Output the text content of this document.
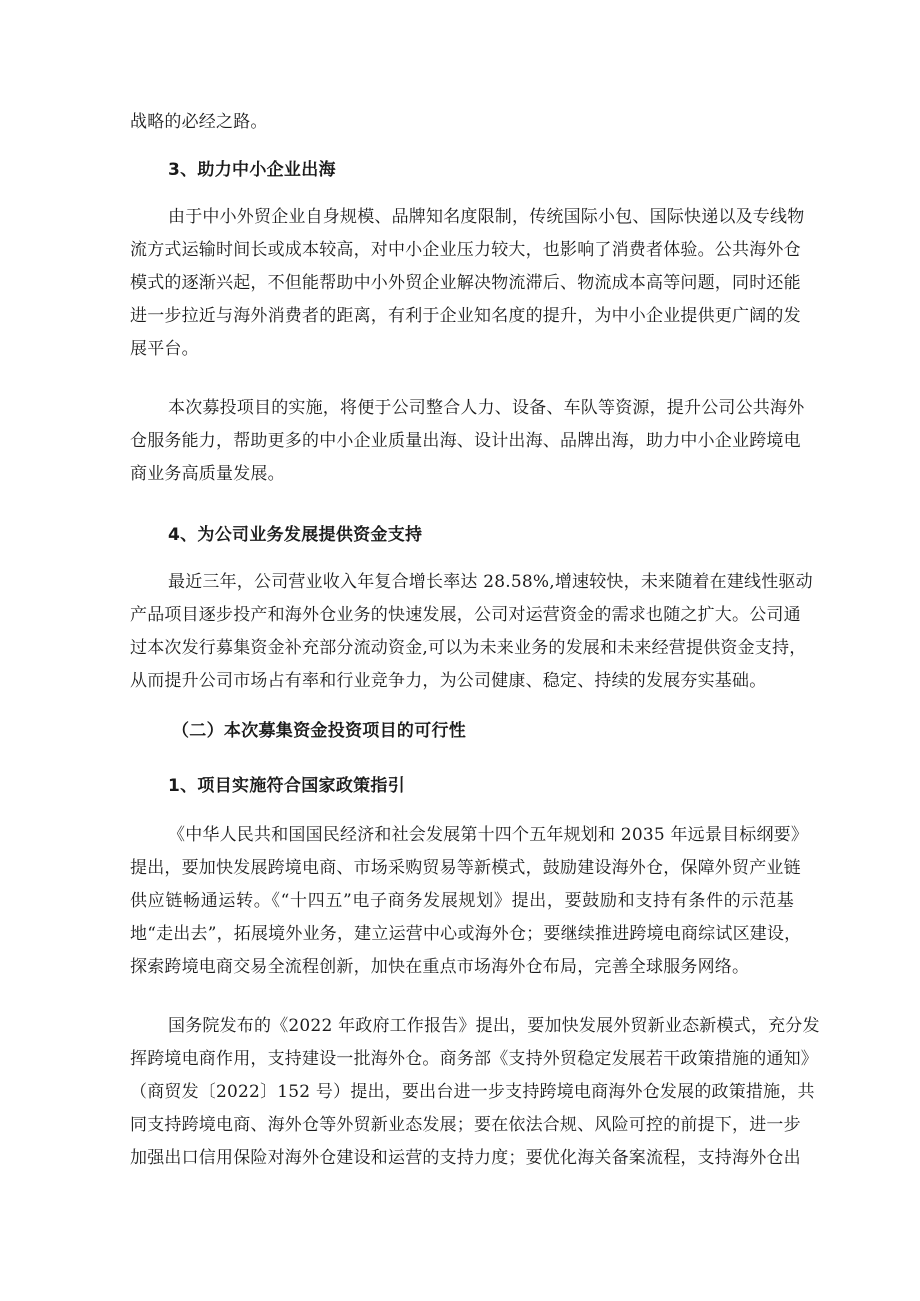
战略的必经之路。
3、助力中小企业出海
由于中小外贸企业自身规模、品牌知名度限制，传统国际小包、国际快递以及专线物
流方式运输时间长或成本较高，对中小企业压力较大，也影响了消费者体验。公共海外仓
模式的逐渐兴起，不但能帮助中小外贸企业解决物流滞后、物流成本高等问题，同时还能
进一步拉近与海外消费者的距离，有利于企业知名度的提升，为中小企业提供更广阔的发
展平台。
本次募投项目的实施，将便于公司整合人力、设备、车队等资源，提升公司公共海外
仓服务能力，帮助更多的中小企业质量出海、设计出海、品牌出海，助力中小企业跨境电
商业务高质量发展。
4、为公司业务发展提供资金支持
最近三年，公司营业收入年复合增长率达 28.58%,增速较快，未来随着在建线性驱动
产品项目逐步投产和海外仓业务的快速发展，公司对运营资金的需求也随之扩大。公司通
过本次发行募集资金补充部分流动资金,可以为未来业务的发展和未来经营提供资金支持，
从而提升公司市场占有率和行业竞争力，为公司健康、稳定、持续的发展夯实基础。
（二）本次募集资金投资项目的可行性
1、项目实施符合国家政策指引
《中华人民共和国国民经济和社会发展第十四个五年规划和 2035 年远景目标纲要》
提出，要加快发展跨境电商、市场采购贸易等新模式，鼓励建设海外仓，保障外贸产业链
供应链畅通运转。《“十四五”电子商务发展规划》提出，要鼓励和支持有条件的示范基
地“走出去”，拓展境外业务，建立运营中心或海外仓；要继续推进跨境电商综试区建设，
探索跨境电商交易全流程创新，加快在重点市场海外仓布局，完善全球服务网络。
国务院发布的《2022 年政府工作报告》提出，要加快发展外贸新业态新模式，充分发
挥跨境电商作用，支持建设一批海外仓。商务部《支持外贸稳定发展若干政策措施的通知》
（商贸发〔2022〕152 号）提出，要出台进一步支持跨境电商海外仓发展的政策措施，共
同支持跨境电商、海外仓等外贸新业态发展；要在依法合规、风险可控的前提下，进一步
加强出口信用保险对海外仓建设和运营的支持力度；要优化海关备案流程，支持海外仓出
